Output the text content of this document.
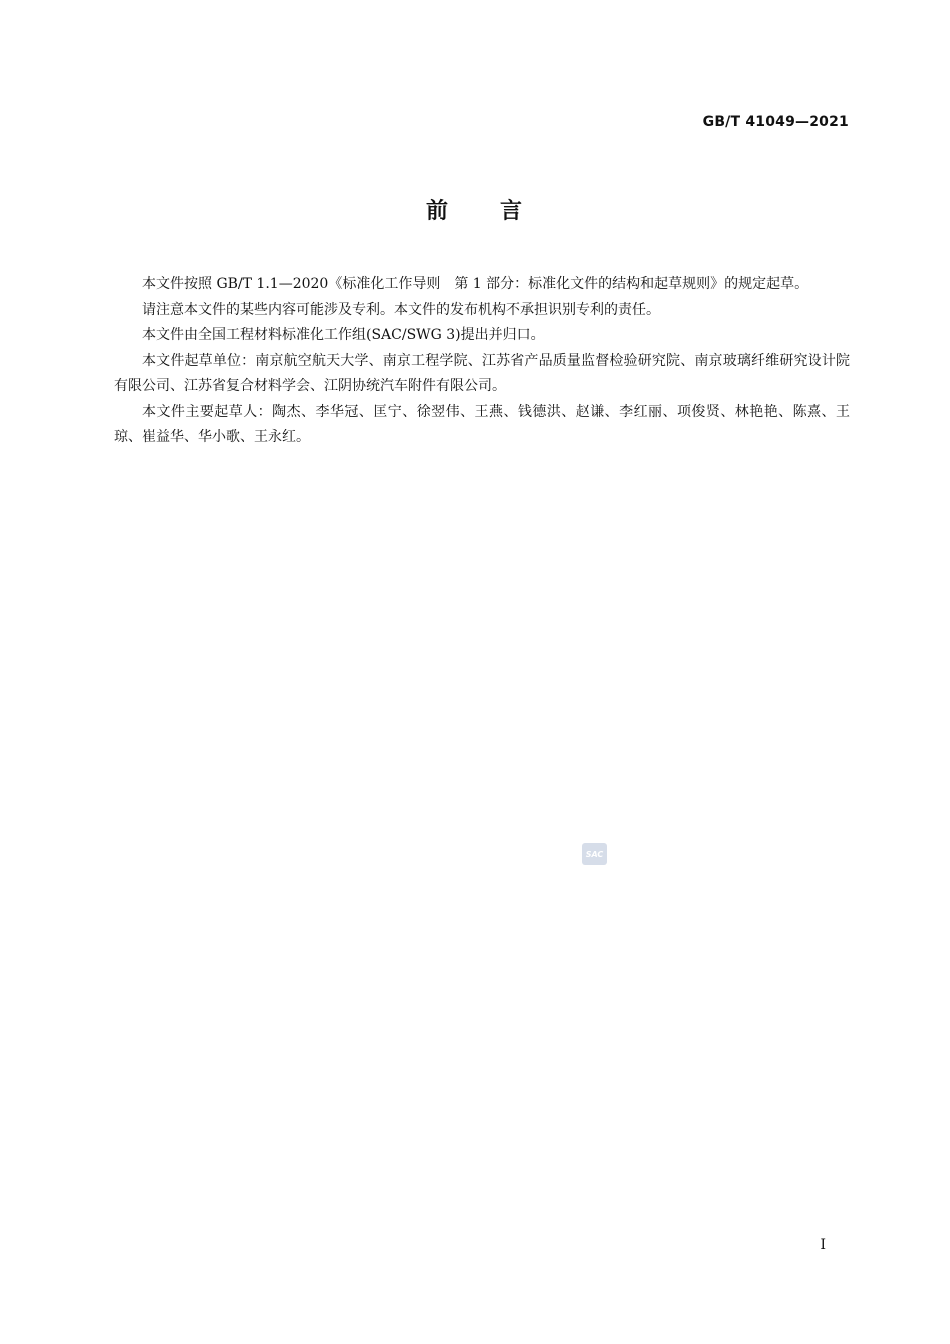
GB/T 41049—2021
前 言

本文件按照 GB/T 1.1—2020《标准化工作导则　第 1 部分：标准化文件的结构和起草规则》的规定起草。

请注意本文件的某些内容可能涉及专利。本文件的发布机构不承担识别专利的责任。

本文件由全国工程材料标准化工作组(SAC/SWG 3)提出并归口。

本文件起草单位：南京航空航天大学、南京工程学院、江苏省产品质量监督检验研究院、南京玻璃纤维研究设计院有限公司、江苏省复合材料学会、江阴协统汽车附件有限公司。

本文件主要起草人：陶杰、李华冠、匡宁、徐翌伟、王燕、钱德洪、赵谦、李红丽、项俊贤、林艳艳、陈熹、王琼、崔益华、华小歌、王永红。

SAC
I
